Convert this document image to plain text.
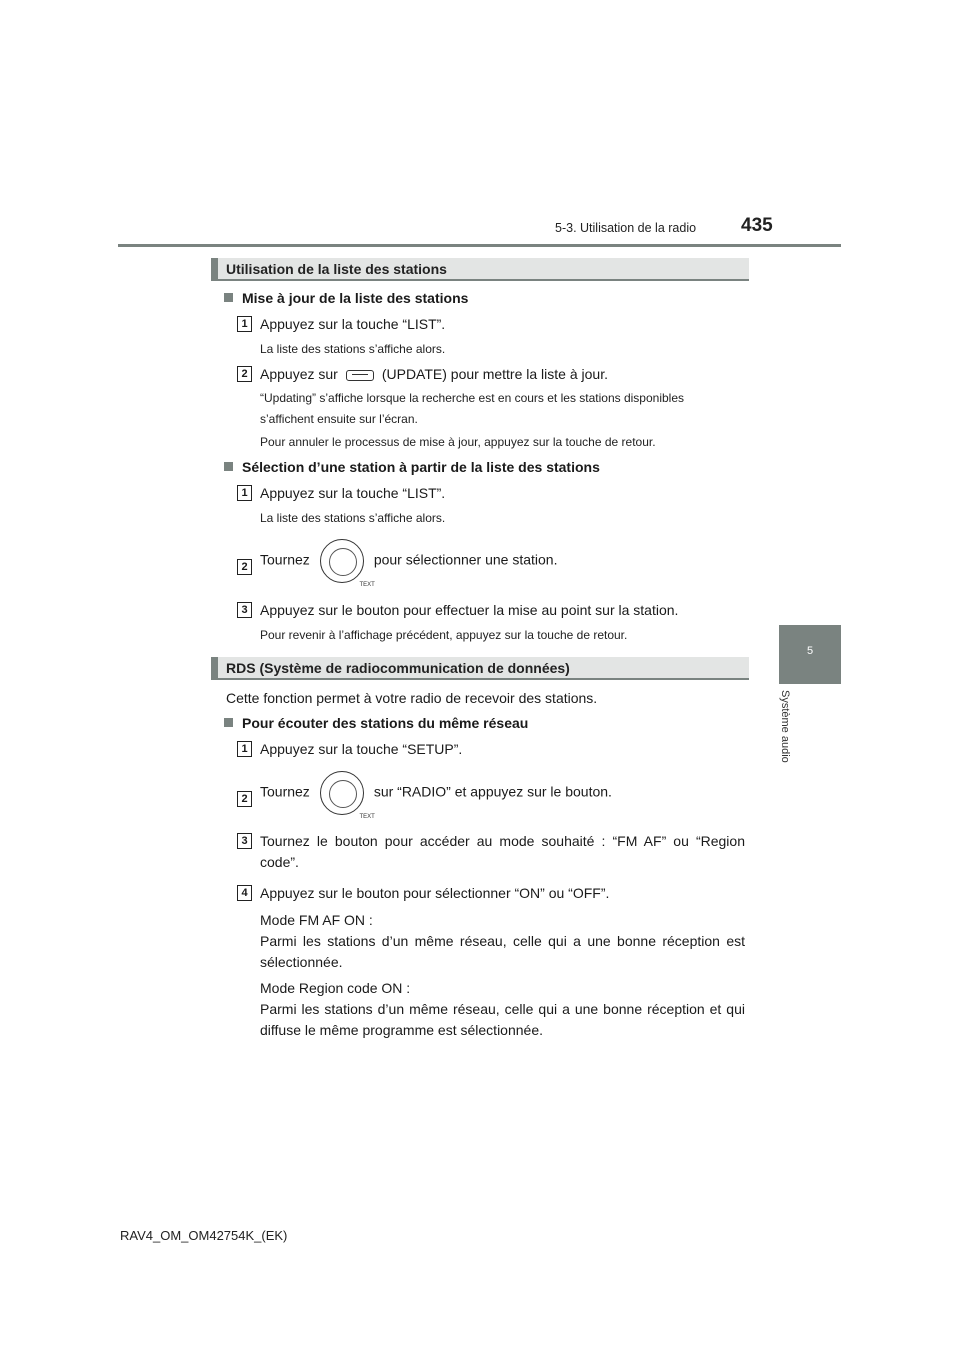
5-3. Utilisation de la radio 435
5
Système audio
Utilisation de la liste des stations
Mise à jour de la liste des stations
1 Appuyez sur la touche “LIST”.
La liste des stations s’affiche alors.
2 Appuyez sur	(UPDATE) pour mettre la liste à jour.
“Updating” s’affiche lorsque la recherche est en cours et les stations disponibles
s’affichent ensuite sur l’écran.
Pour annuler le processus de mise à jour, appuyez sur la touche de retour.
Sélection d’une station à partir de la liste des stations
1 Appuyez sur la touche “LIST”.
La liste des stations s’affiche alors.
2 Tournez
TEXT
pour sélectionner une station.
3 Appuyez sur le bouton pour effectuer la mise au point sur la station.
Pour revenir à l’affichage précédent, appuyez sur la touche de retour.
RDS (Système de radiocommunication de données)
Cette fonction permet à votre radio de recevoir des stations.
Pour écouter des stations du même réseau
1 Appuyez sur la touche “SETUP”.
2 Tournez
TEXT
sur “RADIO” et appuyez sur le bouton.
3 Tournez le bouton pour accéder au mode souhaité : “FM AF” ou “Region code”.
4 Appuyez sur le bouton pour sélectionner “ON” ou “OFF”.
Mode FM AF ON :
Parmi les stations d’un même réseau, celle qui a une bonne réception est sélectionnée.
Mode Region code ON :
Parmi les stations d’un même réseau, celle qui a une bonne réception et qui diffuse le même programme est sélectionnée.
RAV4_OM_OM42754K_(EK)
